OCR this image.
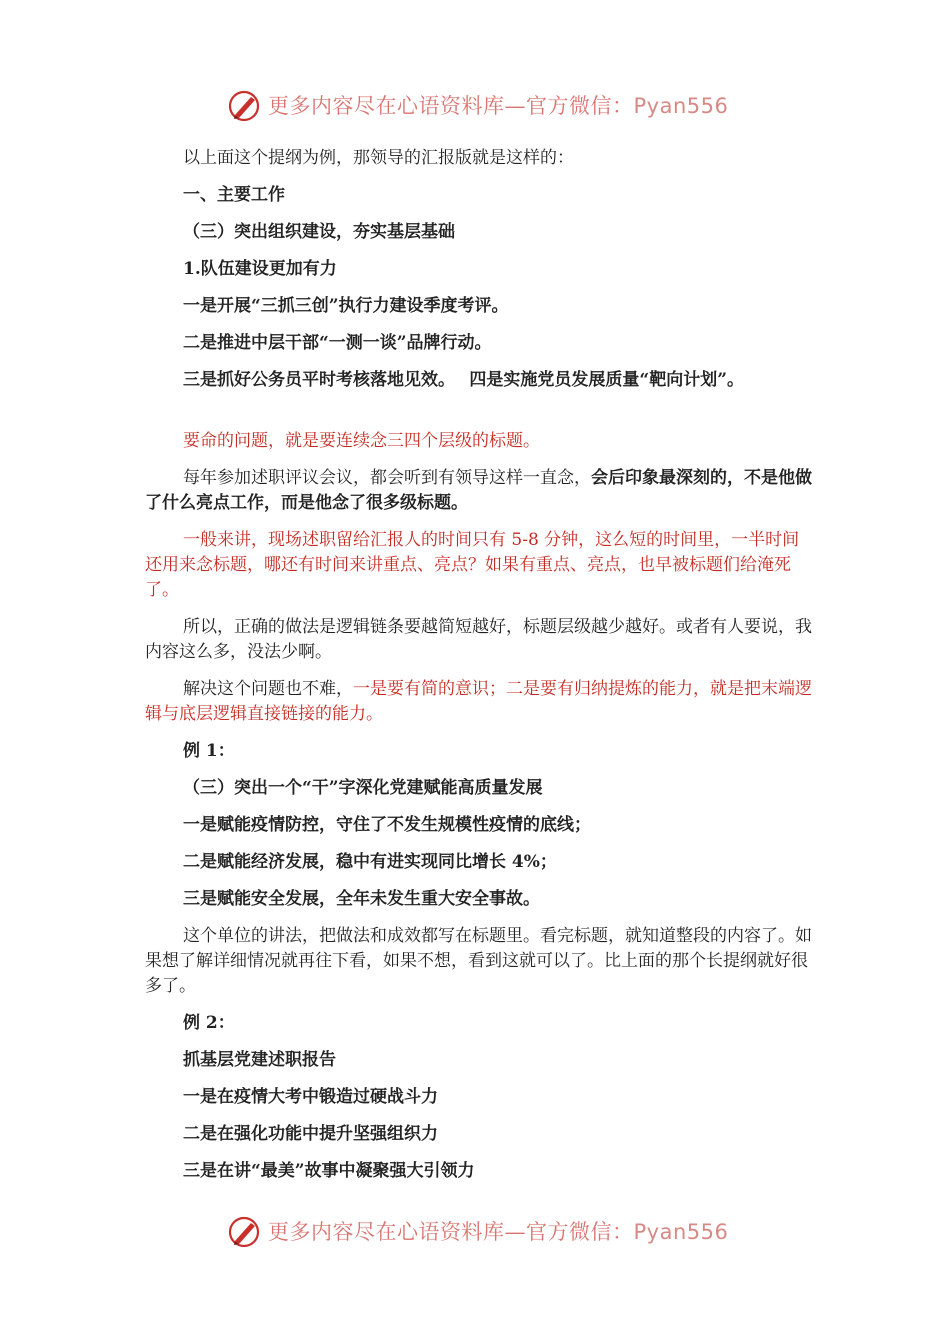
更多内容尽在心语资料库—官方微信：Pyan556

以上面这个提纲为例，那领导的汇报版就是这样的：

一、主要工作

（三）突出组织建设，夯实基层基础

1.队伍建设更加有力

一是开展“三抓三创”执行力建设季度考评。

二是推进中层干部“一测一谈”品牌行动。

三是抓好公务员平时考核落地见效。　 四是实施党员发展质量“靶向计划”。

要命的问题，就是要连续念三四个层级的标题。

每年参加述职评议会议，都会听到有领导这样一直念，会后印象最深刻的，不是他做了什么亮点工作，而是他念了很多级标题。

一般来讲，现场述职留给汇报人的时间只有 5-8 分钟，这么短的时间里，一半时间还用来念标题，哪还有时间来讲重点、亮点？如果有重点、亮点，也早被标题们给淹死了。

所以，正确的做法是逻辑链条要越简短越好，标题层级越少越好。或者有人要说，我内容这么多，没法少啊。

解决这个问题也不难，一是要有简的意识；二是要有归纳提炼的能力，就是把末端逻辑与底层逻辑直接链接的能力。

例 1：

（三）突出一个“干”字深化党建赋能高质量发展

一是赋能疫情防控，守住了不发生规模性疫情的底线；

二是赋能经济发展，稳中有进实现同比增长 4%；

三是赋能安全发展，全年未发生重大安全事故。

这个单位的讲法，把做法和成效都写在标题里。看完标题，就知道整段的内容了。如果想了解详细情况就再往下看，如果不想，看到这就可以了。比上面的那个长提纲就好很多了。

例 2：

抓基层党建述职报告

一是在疫情大考中锻造过硬战斗力

二是在强化功能中提升坚强组织力

三是在讲“最美”故事中凝聚强大引领力

更多内容尽在心语资料库—官方微信：Pyan556
